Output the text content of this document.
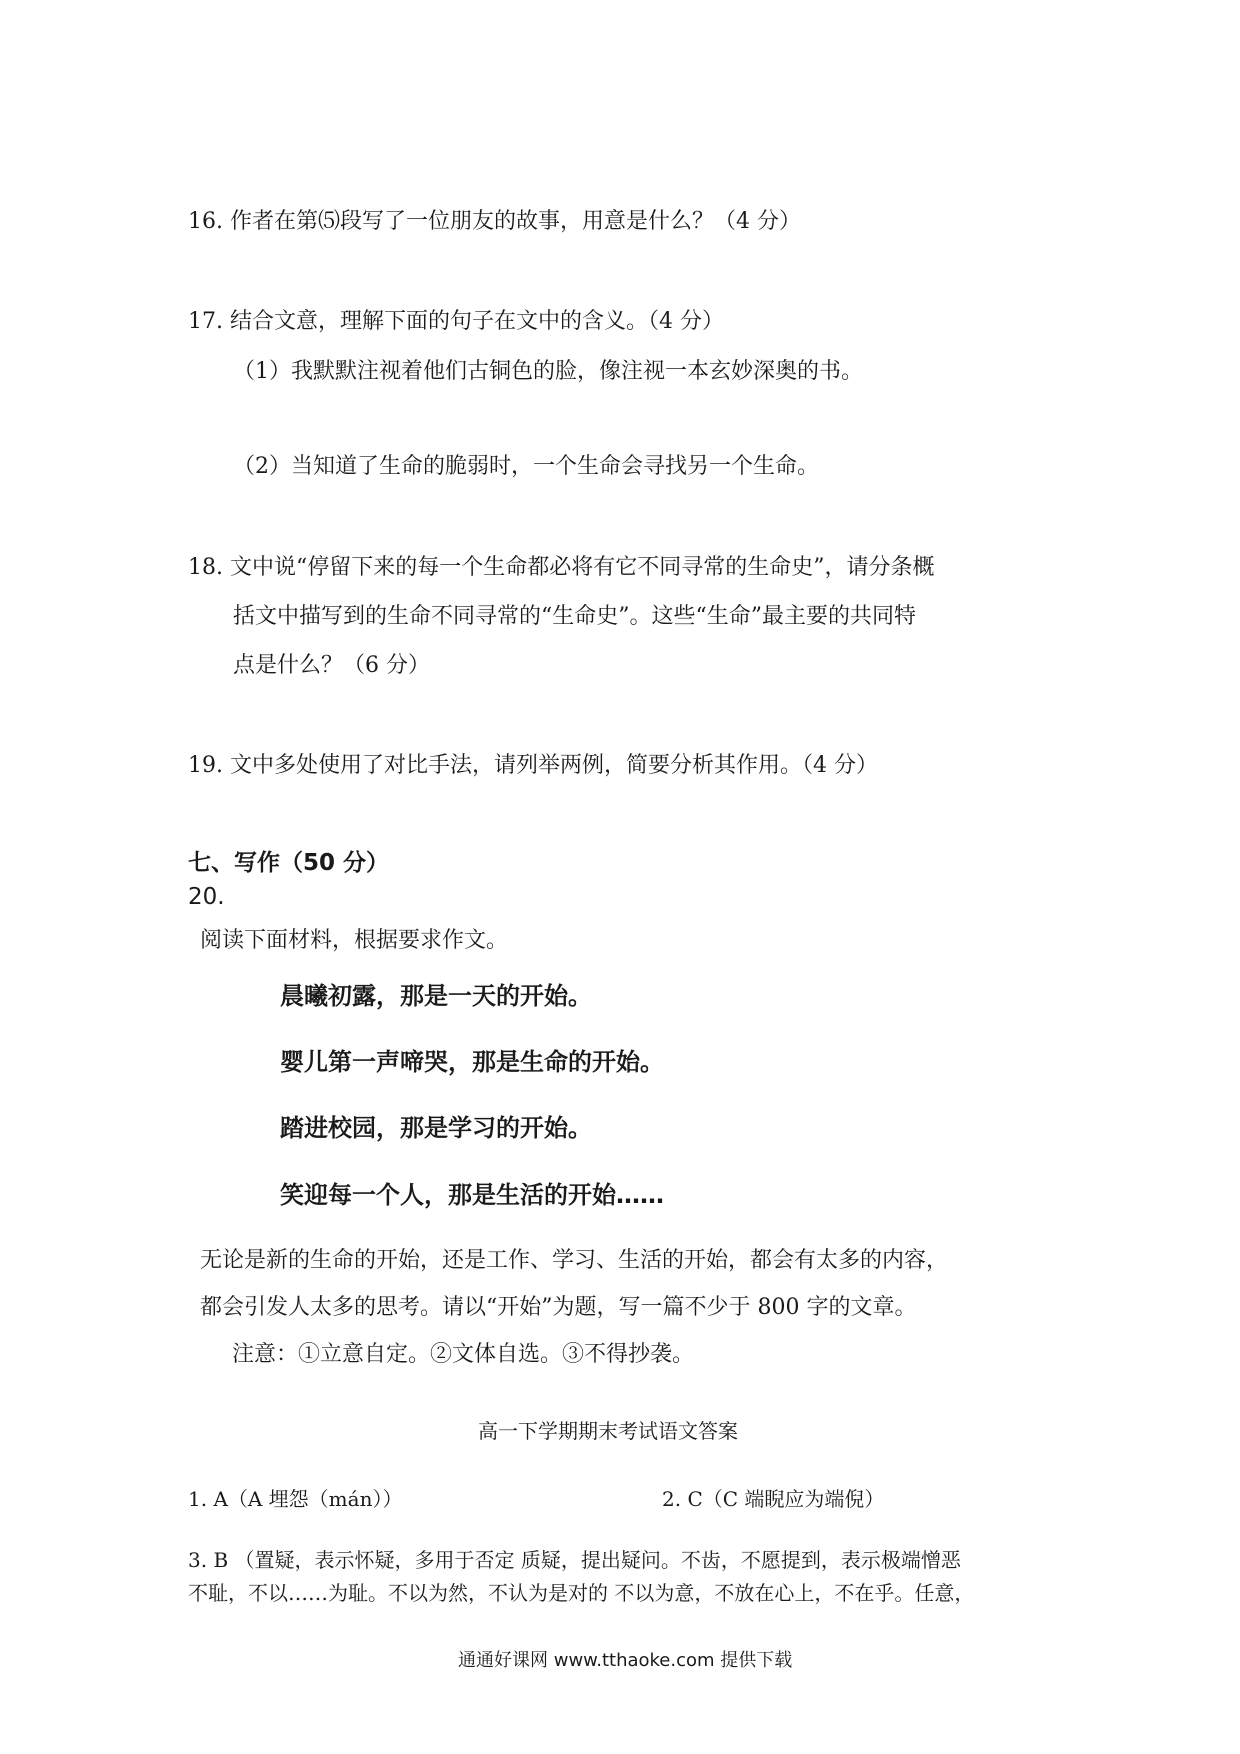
16. 作者在第⑸段写了一位朋友的故事，用意是什么？（4 分）
17. 结合文意，理解下面的句子在文中的含义。（4 分）
（1）我默默注视着他们古铜色的脸，像注视一本玄妙深奥的书。
（2）当知道了生命的脆弱时，一个生命会寻找另一个生命。
18. 文中说“停留下来的每一个生命都必将有它不同寻常的生命史”，请分条概
括文中描写到的生命不同寻常的“生命史”。这些“生命”最主要的共同特
点是什么？（6 分）
19. 文中多处使用了对比手法，请列举两例，简要分析其作用。（4 分）
七、写作（50 分）
20.
阅读下面材料，根据要求作文。
晨曦初露，那是一天的开始。
婴儿第一声啼哭，那是生命的开始。
踏进校园，那是学习的开始。
笑迎每一个人，那是生活的开始……
无论是新的生命的开始，还是工作、学习、生活的开始，都会有太多的内容，
都会引发人太多的思考。请以“开始”为题，写一篇不少于 800 字的文章。
注意：①立意自定。②文体自选。③不得抄袭。
高一下学期期末考试语文答案
1. A（A 埋怨（mán））	2. C（C 端睨应为端倪）
3. B （置疑，表示怀疑，多用于否定 质疑，提出疑问。不齿，不愿提到，表示极端憎恶
不耻，不以……为耻。不以为然，不认为是对的 不以为意，不放在心上，不在乎。任意，
通通好课网 www.tthaoke.com 提供下载
